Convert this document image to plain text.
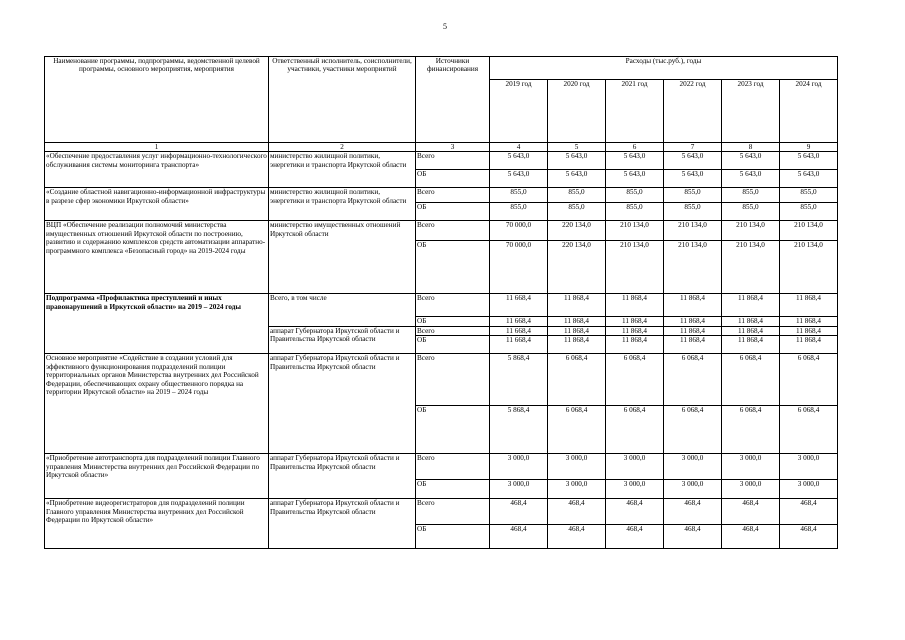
5
Наименование программы, подпрограммы, ведомственной целевой программы, основного мероприятия, мероприятия	Ответственный исполнитель, соисполнители, участники, участники мероприятий	Источники финансирования	Расходы (тыс.руб.), годы					
			2019 год	2020 год	2021 год	2022 год	2023 год	2024 год
1	2	3	4	5	6	7	8	9
«Обеспечение предоставления услуг информационно-технологического обслуживания системы мониторинга транспорта»	министерство жилищной политики, энергетики и транспорта Иркутской области	Всего	5 643,0	5 643,0	5 643,0	5 643,0	5 643,0	5 643,0
		ОБ	5 643,0	5 643,0	5 643,0	5 643,0	5 643,0	5 643,0
«Создание областной навигационно-информационной инфраструктуры в разрезе сфер экономики Иркутской области»	министерство жилищной политики, энергетики и транспорта Иркутской области	Всего	855,0	855,0	855,0	855,0	855,0	855,0
		ОБ	855,0	855,0	855,0	855,0	855,0	855,0
ВЦП «Обеспечение реализации полномочий министерства имущественных отношений Иркутской области по построению, развитию и содержанию комплексов средств автоматизации аппаратно-программного комплекса «Безопасный город» на 2019-2024 годы	министерство имущественных отношений Иркутской области	Всего	70 000,0	220 134,0	210 134,0	210 134,0	210 134,0	210 134,0
		ОБ	70 000,0	220 134,0	210 134,0	210 134,0	210 134,0	210 134,0
Подпрограмма «Профилактика преступлений и иных правонарушений в Иркутской области» на 2019 – 2024 годы	Всего, в том числе	Всего	11 668,4	11 868,4	11 868,4	11 868,4	11 868,4	11 868,4
		ОБ	11 668,4	11 868,4	11 868,4	11 868,4	11 868,4	11 868,4
	аппарат Губернатора Иркутской области и Правительства Иркутской области	Всего	11 668,4	11 868,4	11 868,4	11 868,4	11 868,4	11 868,4
		ОБ	11 668,4	11 868,4	11 868,4	11 868,4	11 868,4	11 868,4
Основное мероприятие «Содействие в создании условий для эффективного функционирования подразделений полиции территориальных органов Министерства внутренних дел Российской Федерации, обеспечивающих охрану общественного порядка на территории Иркутской области» на 2019 – 2024 годы	аппарат Губернатора Иркутской области и Правительства Иркутской области	Всего	5 868,4	6 068,4	6 068,4	6 068,4	6 068,4	6 068,4
		ОБ	5 868,4	6 068,4	6 068,4	6 068,4	6 068,4	6 068,4
«Приобретение автотранспорта для подразделений полиции Главного управления Министерства внутренних дел Российской Федерации по Иркутской области»	аппарат Губернатора Иркутской области и Правительства Иркутской области	Всего	3 000,0	3 000,0	3 000,0	3 000,0	3 000,0	3 000,0
		ОБ	3 000,0	3 000,0	3 000,0	3 000,0	3 000,0	3 000,0
«Приобретение видеорегистраторов для подразделений полиции Главного управления Министерства внутренних дел Российской Федерации по Иркутской области»	аппарат Губернатора Иркутской области и Правительства Иркутской области	Всего	468,4	468,4	468,4	468,4	468,4	468,4
		ОБ	468,4	468,4	468,4	468,4	468,4	468,4
